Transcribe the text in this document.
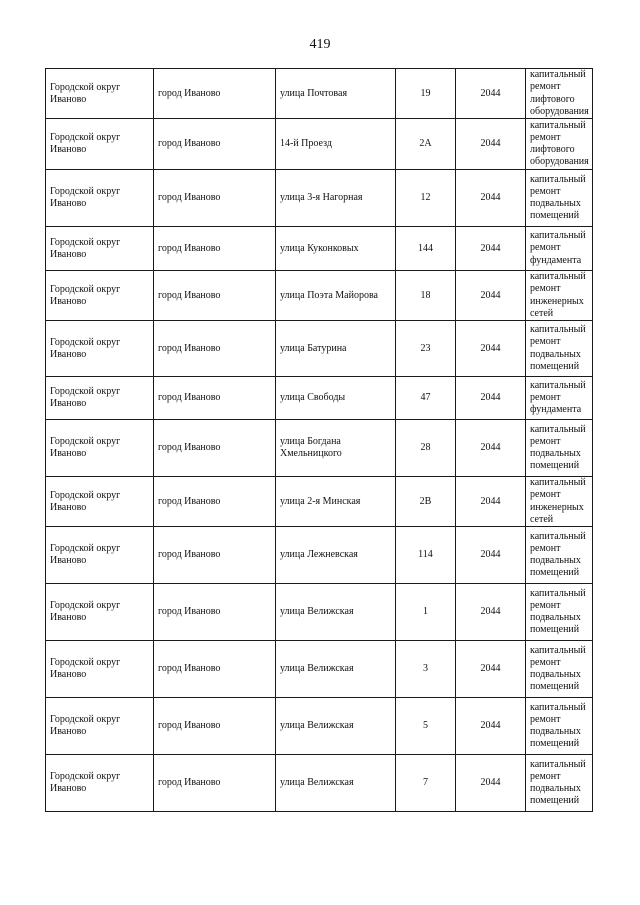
419
Городской округ Иваново	город Иваново	улица Почтовая	19	2044	капитальный ремонт лифтового оборудования
Городской округ Иваново	город Иваново	14-й Проезд	2А	2044	капитальный ремонт лифтового оборудования
Городской округ Иваново	город Иваново	улица 3-я Нагорная	12	2044	капитальный ремонт подвальных помещений
Городской округ Иваново	город Иваново	улица Куконковых	144	2044	капитальный ремонт фундамента
Городской округ Иваново	город Иваново	улица Поэта Майорова	18	2044	капитальный ремонт инженерных сетей
Городской округ Иваново	город Иваново	улица Батурина	23	2044	капитальный ремонт подвальных помещений
Городской округ Иваново	город Иваново	улица Свободы	47	2044	капитальный ремонт фундамента
Городской округ Иваново	город Иваново	улица Богдана Хмельницкого	28	2044	капитальный ремонт подвальных помещений
Городской округ Иваново	город Иваново	улица 2-я Минская	2В	2044	капитальный ремонт инженерных сетей
Городской округ Иваново	город Иваново	улица Лежневская	114	2044	капитальный ремонт подвальных помещений
Городской округ Иваново	город Иваново	улица Велижская	1	2044	капитальный ремонт подвальных помещений
Городской округ Иваново	город Иваново	улица Велижская	3	2044	капитальный ремонт подвальных помещений
Городской округ Иваново	город Иваново	улица Велижская	5	2044	капитальный ремонт подвальных помещений
Городской округ Иваново	город Иваново	улица Велижская	7	2044	капитальный ремонт подвальных помещений
